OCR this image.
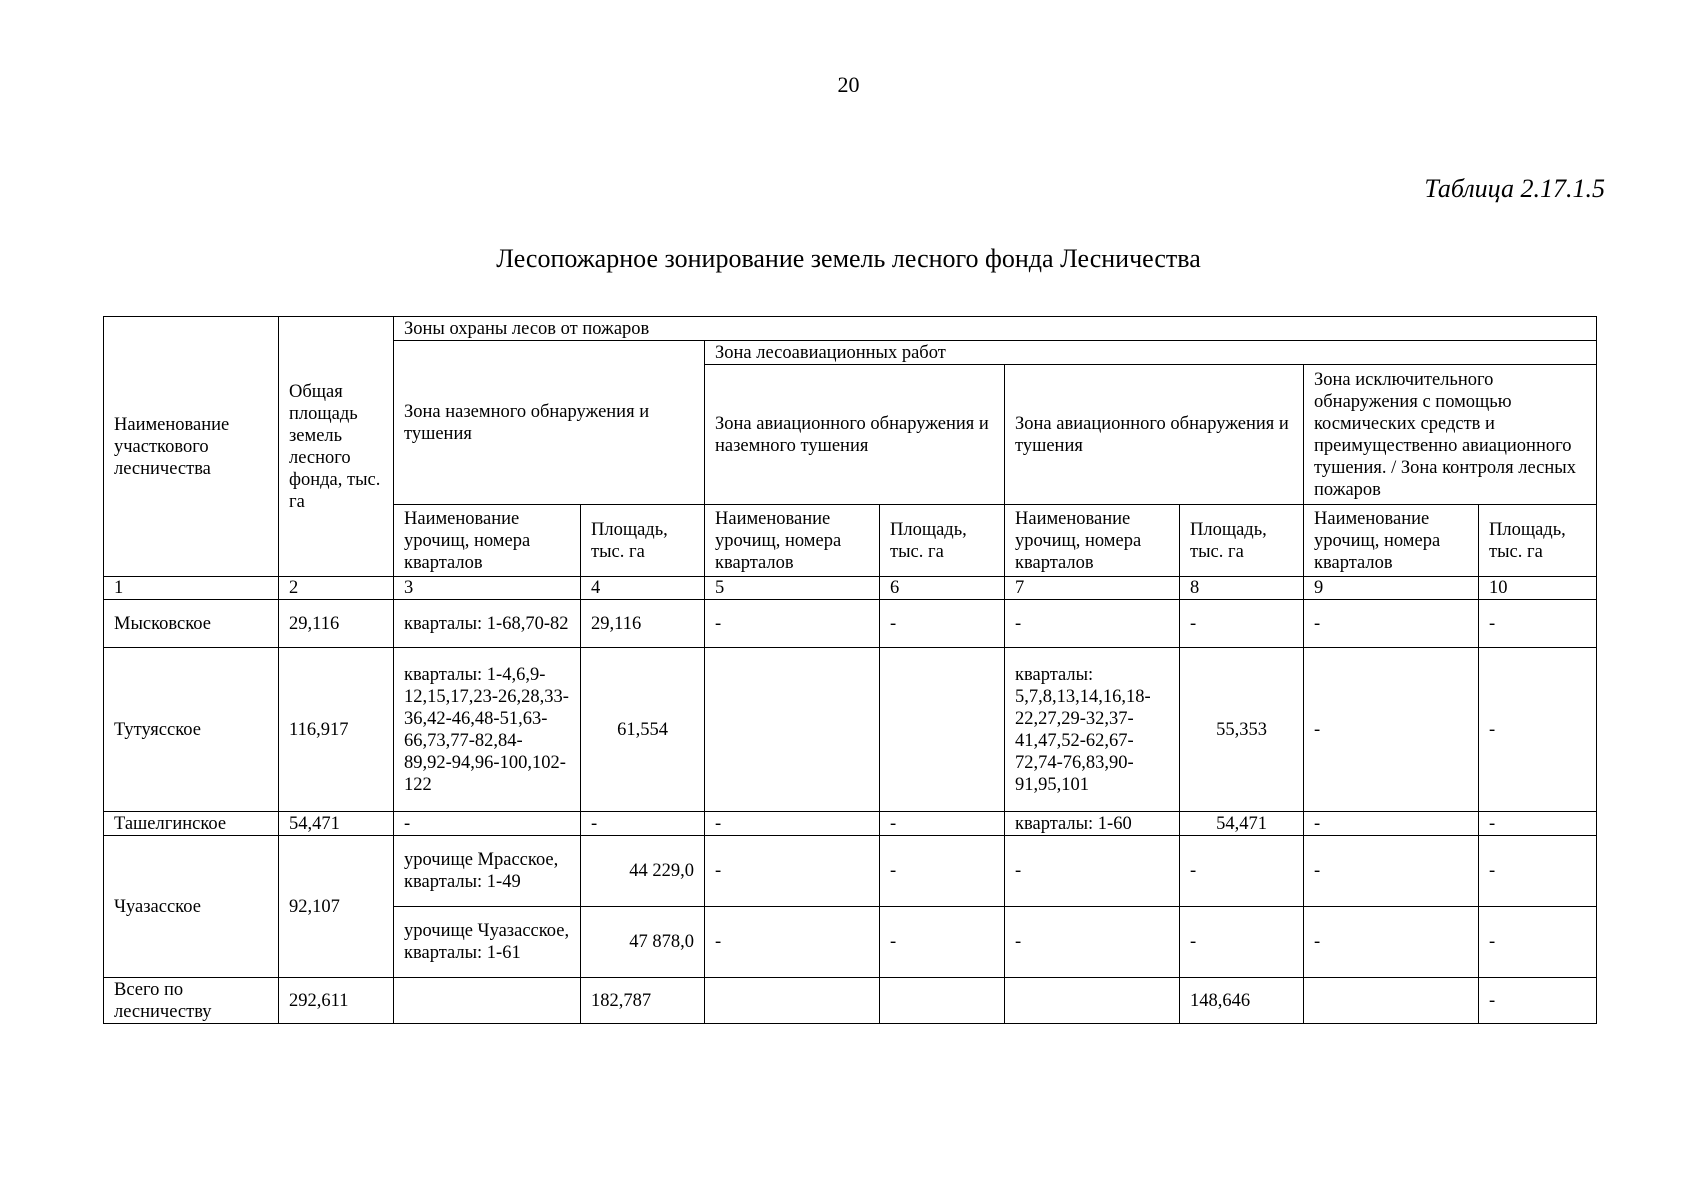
20
Таблица 2.17.1.5
Лесопожарное зонирование земель лесного фонда Лесничества
Наименование участкового лесничества	Общая площадь земель лесного фонда, тыс. га	Зоны охраны лесов от пожаров							
		Зона наземного обнаружения и тушения		Зона лесоавиационных работ					
				Зона авиационного обнаружения и наземного тушения		Зона авиационного обнаружения и тушения		Зона исключительного обнаружения с помощью космических средств и преимущественно авиационного тушения. / Зона контроля лесных пожаров	
		Наименование урочищ, номера кварталов	Площадь, тыс. га	Наименование урочищ, номера кварталов	Площадь, тыс. га	Наименование урочищ, номера кварталов	Площадь, тыс. га	Наименование урочищ, номера кварталов	Площадь, тыс. га
1	2	3	4	5	6	7	8	9	10
Мысковское	29,116	кварталы: 1-68,70-82	29,116	-	-	-	-	-	-
Тутуясское	116,917	кварталы: 1-4,6,9-12,15,17,23-26,28,33-36,42-46,48-51,63-66,73,77-82,84-89,92-94,96-100,102-122	61,554			кварталы: 5,7,8,13,14,16,18-22,27,29-32,37-41,47,52-62,67-72,74-76,83,90-91,95,101	55,353	-	-
Ташелгинское	54,471	-	-	-	-	кварталы: 1-60	54,471	-	-
Чуазасское	92,107	урочище Мрасское, кварталы: 1-49	44 229,0	-	-	-	-	-	-
		урочище Чуазасское, кварталы: 1-61	47 878,0	-	-	-	-	-	-
Всего по лесничеству	292,611		182,787				148,646		-
